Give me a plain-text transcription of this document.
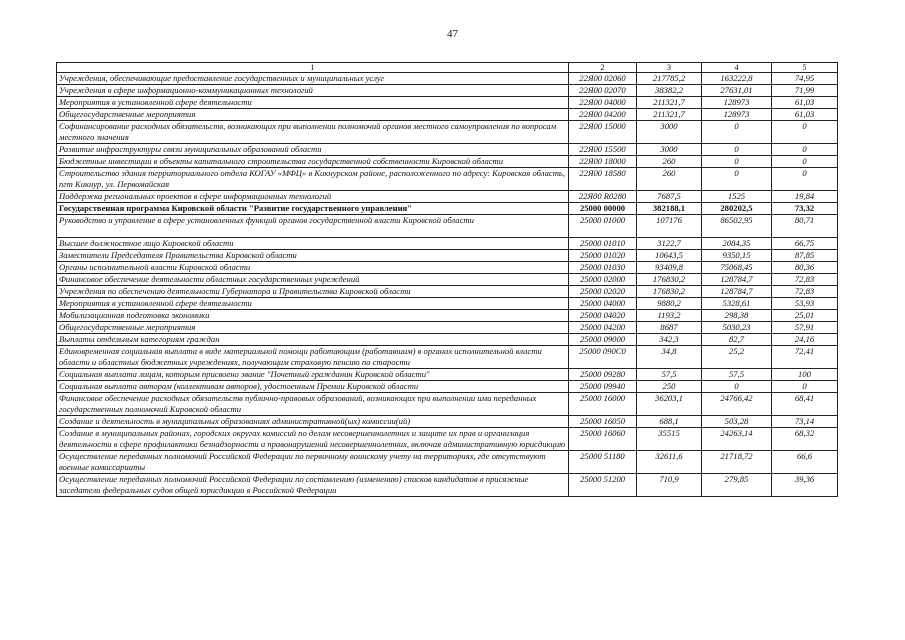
47
1	2	3	4	5
Учреждения, обеспечивающие предоставление государственных и муниципальных услуг	22Я00 02060	217785,2	163222,8	74,95
Учреждения в сфере информационно-коммуникационных технологий	22Я00 02070	38382,2	27631,01	71,99
Мероприятия в установленной сфере деятельности	22Я00 04000	211321,7	128973	61,03
Общегосударственные мероприятия	22Я00 04200	211321,7	128973	61,03
Софинансирование расходных обязательств, возникающих при выполнении полномочий органов местного самоуправления по вопросам местного значения	22Я00 15000	3000	0	0
Развитие инфраструктуры связи муниципальных образований области	22Я00 15500	3000	0	0
Бюджетные инвестиции в объекты капитального строительства государственной собственности Кировской области	22Я00 18000	260	0	0
Строительство здания территориального отдела КОГАУ «МФЦ» в Кикнурском районе, расположенного по адресу: Кировская область, пгт Кикнур, ул. Первомайская	22Я00 18580	260	0	0
Поддержка региональных проектов в сфере информационных технологий	22Я00 R0280	7687,5	1525	19,84
Государственная программа Кировской области "Развитие государственного управления"	25000 00000	382188,1	280202,5	73,32
Руководство и управление в сфере установленных функций органов государственной власти Кировской области	25000 01000	107176	86502,95	80,71
Высшее должностное лицо Кировской области	25000 01010	3122,7	2084,35	66,75
Заместители Председателя Правительства Кировской области	25000 01020	10643,5	9350,15	87,85
Органы исполнительной власти Кировской области	25000 01030	93409,8	75068,45	80,36
Финансовое обеспечение деятельности областных государственных учреждений	25000 02000	176830,2	128784,7	72,83
Учреждения по обеспечению деятельности Губернатора и Правительства Кировской области	25000 02020	176830,2	128784,7	72,83
Мероприятия в установленной сфере деятельности	25000 04000	9880,2	5328,61	53,93
Мобилизационная подготовка экономики	25000 04020	1193,2	298,38	25,01
Общегосударственные мероприятия	25000 04200	8687	5030,23	57,91
Выплаты отдельным категориям граждан	25000 09000	342,3	82,7	24,16
Единовременная социальная выплата в виде материальной помощи работающим (работавшим) в органах исполнительной власти области и областных бюджетных учреждениях, получающим страховую пенсию по старости	25000 090С0	34,8	25,2	72,41
Социальная выплата лицам, которым присвоено звание "Почетный гражданин Кировской области"	25000 09280	57,5	57,5	100
Социальная выплата авторам (коллективам авторов), удостоенным Премии Кировской области	25000 09940	250	0	0
Финансовое обеспечение расходных обязательств публично-правовых образований, возникающих при выполнении ими переданных государственных полномочий Кировской области	25000 16000	36203,1	24766,42	68,41
Создание и деятельность в муниципальных образованиях административной(ых) комиссии(ий)	25000 16050	688,1	503,28	73,14
Создание в муниципальных районах, городских округах комиссий по делам несовершеннолетних и защите их прав и организация деятельности в сфере профилактики безнадзорности и правонарушений несовершеннолетних, включая административную юрисдикцию	25000 16060	35515	24263,14	68,32
Осуществление переданных полномочий Российской Федерации по первичному воинскому учету на территориях, где отсутствуют военные комиссариаты	25000 51180	32611,6	21718,72	66,6
Осуществление переданных полномочий Российской Федерации по составлению (изменению) списков кандидатов в присяжные заседатели федеральных судов общей юрисдикции в Российской Федерации	25000 51200	710,9	279,85	39,36
